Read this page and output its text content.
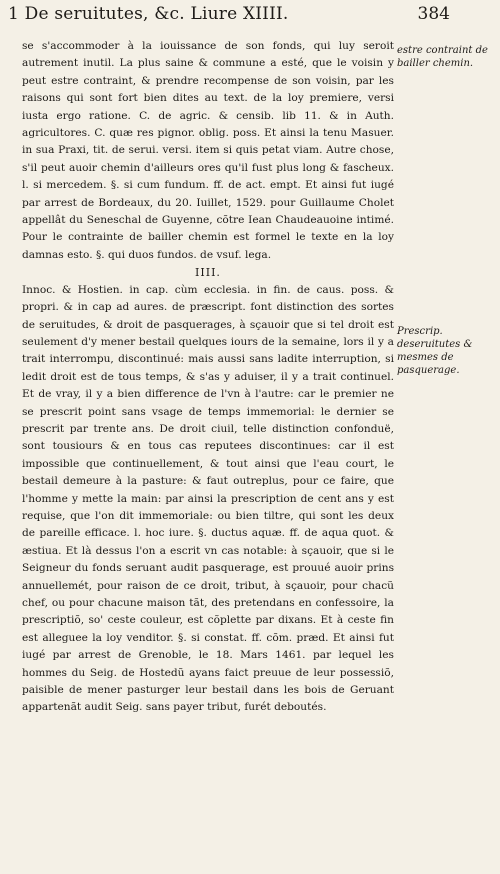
1 De seruitutes, &c. Liure XIIII.	384

se s'accommoder à la iouissance de son fonds, qui luy seroit autrement inutil. La plus saine & commune a esté, que le voisin y peut estre contraint, & prendre recompense de son voisin, par les raisons qui sont fort bien dites au text. de la loy premiere, versi iusta ergo ratione. C. de agric. & censib. lib 11. & in Auth. agricultores. C. quæ res pignor. oblig. poss. Et ainsi la tenu Masuer. in sua Praxi, tit. de serui. versi. item si quis petat viam. Autre chose, s'il peut auoir chemin d'ailleurs ores qu'il fust plus long & fascheux. l. si mercedem. §. si cum fundum. ff. de act. empt. Et ainsi fut iugé par arrest de Bordeaux, du 20. Iuillet, 1529. pour Guillaume Cholet appellât du Seneschal de Guyenne, cõtre Iean Chaudeauoine intimé. Pour le contrainte de bailler chemin est formel le texte en la loy damnas esto. §. qui duos fundos. de vsuf. lega.

IIII.

Innoc. & Hostien. in cap. cùm ecclesia. in fin. de caus. poss. & propri. & in cap ad aures. de præscript. font distinction des sortes de seruitudes, & droit de pasquerages, à sçauoir que si tel droit est seulement d'y mener bestail quelques iours de la semaine, lors il y a trait interrompu, discontinué: mais aussi sans ladite interruption, si ledit droit est de tous temps, & s'as y aduiser, il y a trait continuel. Et de vray, il y a bien difference de l'vn à l'autre: car le premier ne se prescrit point sans vsage de temps immemorial: le dernier se prescrit par trente ans. De droit ciuil, telle distinction confonduë, sont tousiours & en tous cas reputees discontinues: car il est impossible que continuellement, & tout ainsi que l'eau court, le bestail demeure à la pasture: & faut outreplus, pour ce faire, que l'homme y mette la main: par ainsi la prescription de cent ans y est requise, que l'on dit immemoriale: ou bien tiltre, qui sont les deux de pareille efficace. l. hoc iure. §. ductus aquæ. ff. de aqua quot. & æstiua. Et là dessus l'on a escrit vn cas notable: à sçauoir, que si le Seigneur du fonds seruant audit pasquerage, est prouué auoir prins annuellemét, pour raison de ce droit, tribut, à sçauoir, pour chacũ chef, ou pour chacune maison tãt, des pretendans en confessoire, la prescriptiõ, so' ceste couleur, est cõplette par dixans. Et à ceste fin est alleguee la loy venditor. §. si constat. ff. cõm. præd. Et ainsi fut iugé par arrest de Grenoble, le 18. Mars 1461. par lequel les hommes du Seig. de Hostedũ ayans faict preuue de leur possessiõ, paisible de mener pasturger leur bestail dans les bois de Geruant appartenãt audit Seig. sans payer tribut, furét deboutés.

estre contraint de bailler chemin.
Prescrip. deseruitutes & mesmes de pasquerage.
